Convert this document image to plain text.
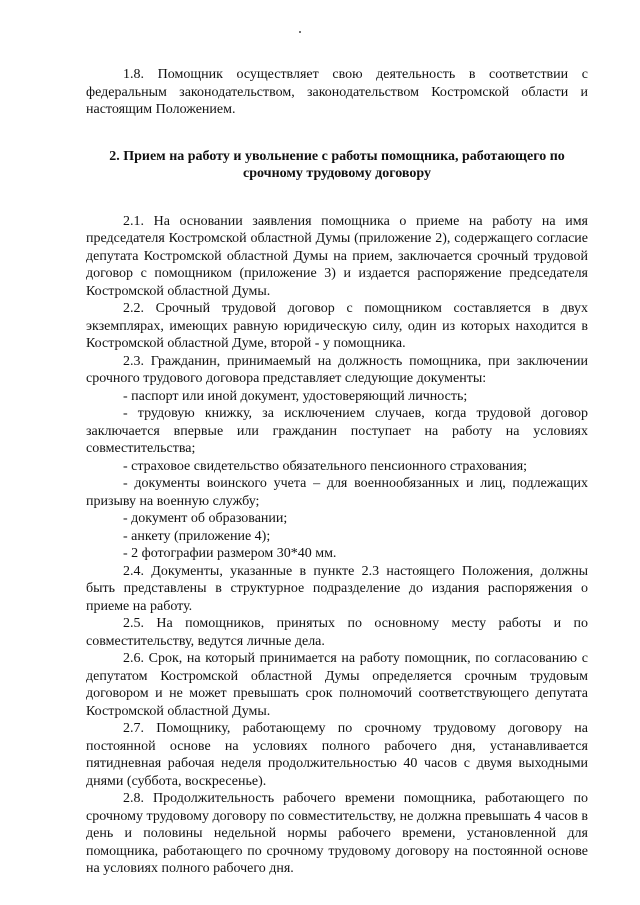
1.8. Помощник осуществляет свою деятельность в соответствии с федеральным законодательством, законодательством Костромской области и настоящим Положением.

2. Прием на работу и увольнение с работы помощника, работающего по срочному трудовому договору

2.1. На основании заявления помощника о приеме на работу на имя председателя Костромской областной Думы (приложение 2), содержащего согласие депутата Костромской областной Думы на прием, заключается срочный трудовой договор с помощником (приложение 3) и издается распоряжение председателя Костромской областной Думы.

2.2. Срочный трудовой договор с помощником составляется в двух экземплярах, имеющих равную юридическую силу, один из которых находится в Костромской областной Думе, второй - у помощника.

2.3. Гражданин, принимаемый на должность помощника, при заключении срочного трудового договора представляет следующие документы:

- паспорт или иной документ, удостоверяющий личность;

- трудовую книжку, за исключением случаев, когда трудовой договор заключается впервые или гражданин поступает на работу на условиях совместительства;

- страховое свидетельство обязательного пенсионного страхования;

- документы воинского учета – для военнообязанных и лиц, подлежащих призыву на военную службу;

- документ об образовании;

- анкету (приложение 4);

- 2 фотографии размером 30*40 мм.

2.4. Документы, указанные в пункте 2.3 настоящего Положения, должны быть представлены в структурное подразделение до издания распоряжения о приеме на работу.

2.5. На помощников, принятых по основному месту работы и по совместительству, ведутся личные дела.

2.6. Срок, на который принимается на работу помощник, по согласованию с депутатом Костромской областной Думы определяется срочным трудовым договором и не может превышать срок полномочий соответствующего депутата Костромской областной Думы.

2.7. Помощнику, работающему по срочному трудовому договору на постоянной основе на условиях полного рабочего дня, устанавливается пятидневная рабочая неделя продолжительностью 40 часов с двумя выходными днями (суббота, воскресенье).

2.8. Продолжительность рабочего времени помощника, работающего по срочному трудовому договору по совместительству, не должна превышать 4 часов в день и половины недельной нормы рабочего времени, установленной для помощника, работающего по срочному трудовому договору на постоянной основе на условиях полного рабочего дня.
